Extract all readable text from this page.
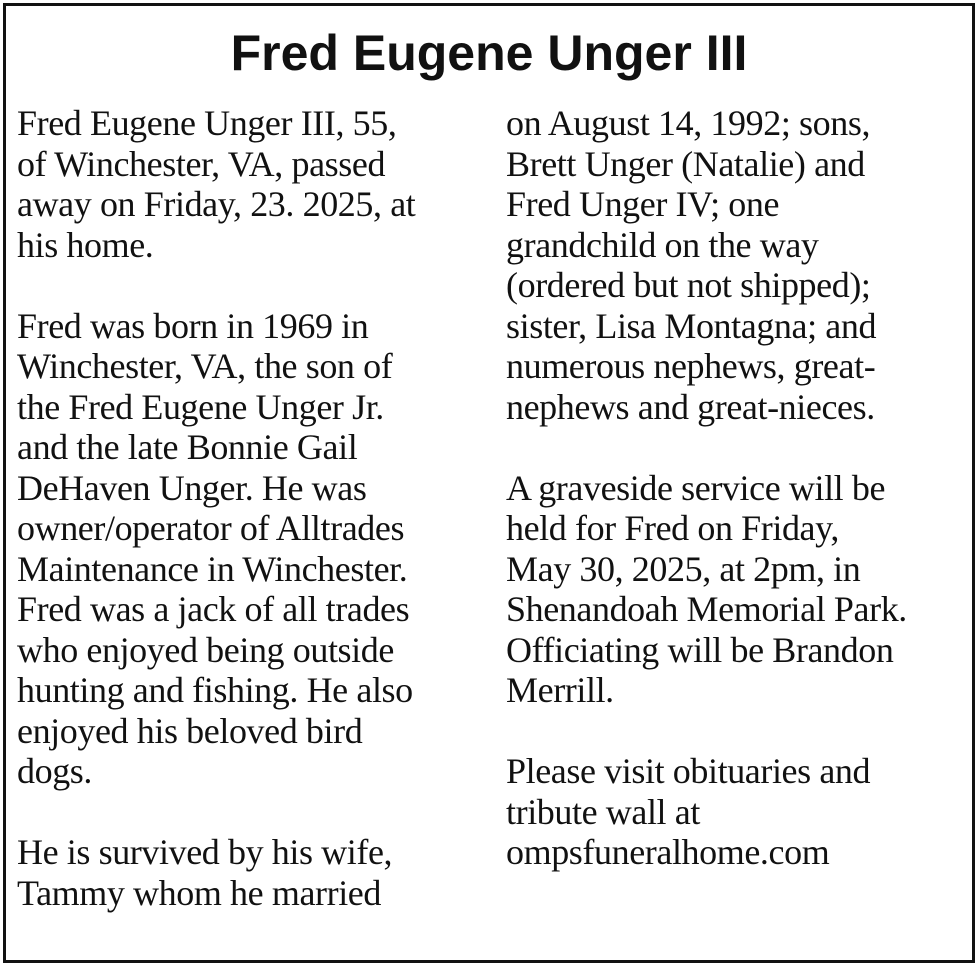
Fred Eugene Unger III
Fred Eugene Unger III, 55,
of Winchester, VA, passed
away on Friday, 23. 2025, at
his home.
Fred was born in 1969 in
Winchester, VA, the son of
the Fred Eugene Unger Jr.
and the late Bonnie Gail
DeHaven Unger. He was
owner/operator of Alltrades
Maintenance in Winchester.
Fred was a jack of all trades
who enjoyed being outside
hunting and fishing. He also
enjoyed his beloved bird
dogs.
He is survived by his wife,
Tammy whom he married
on August 14, 1992; sons,
Brett Unger (Natalie) and
Fred Unger IV; one
grandchild on the way
(ordered but not shipped);
sister, Lisa Montagna; and
numerous nephews, great-
nephews and great-nieces.
A graveside service will be
held for Fred on Friday,
May 30, 2025, at 2pm, in
Shenandoah Memorial Park.
Officiating will be Brandon
Merrill.
Please visit obituaries and
tribute wall at
ompsfuneralhome.com
